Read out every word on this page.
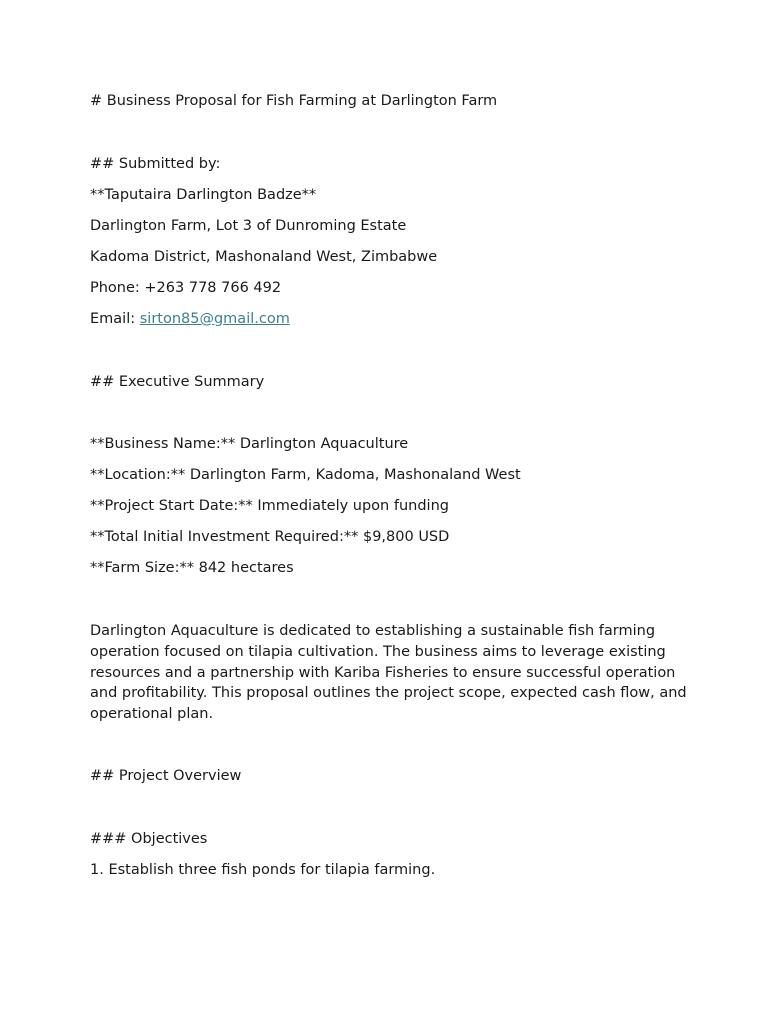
# Business Proposal for Fish Farming at Darlington Farm
## Submitted by:
**Taputaira Darlington Badze**
Darlington Farm, Lot 3 of Dunroming Estate
Kadoma District, Mashonaland West, Zimbabwe
Phone: +263 778 766 492
Email: sirton85@gmail.com
## Executive Summary
**Business Name:** Darlington Aquaculture
**Location:** Darlington Farm, Kadoma, Mashonaland West
**Project Start Date:** Immediately upon funding
**Total Initial Investment Required:** $9,800 USD
**Farm Size:** 842 hectares
Darlington Aquaculture is dedicated to establishing a sustainable fish farming operation focused on tilapia cultivation. The business aims to leverage existing resources and a partnership with Kariba Fisheries to ensure successful operation and profitability. This proposal outlines the project scope, expected cash flow, and operational plan.
## Project Overview
### Objectives
1. Establish three fish ponds for tilapia farming.
